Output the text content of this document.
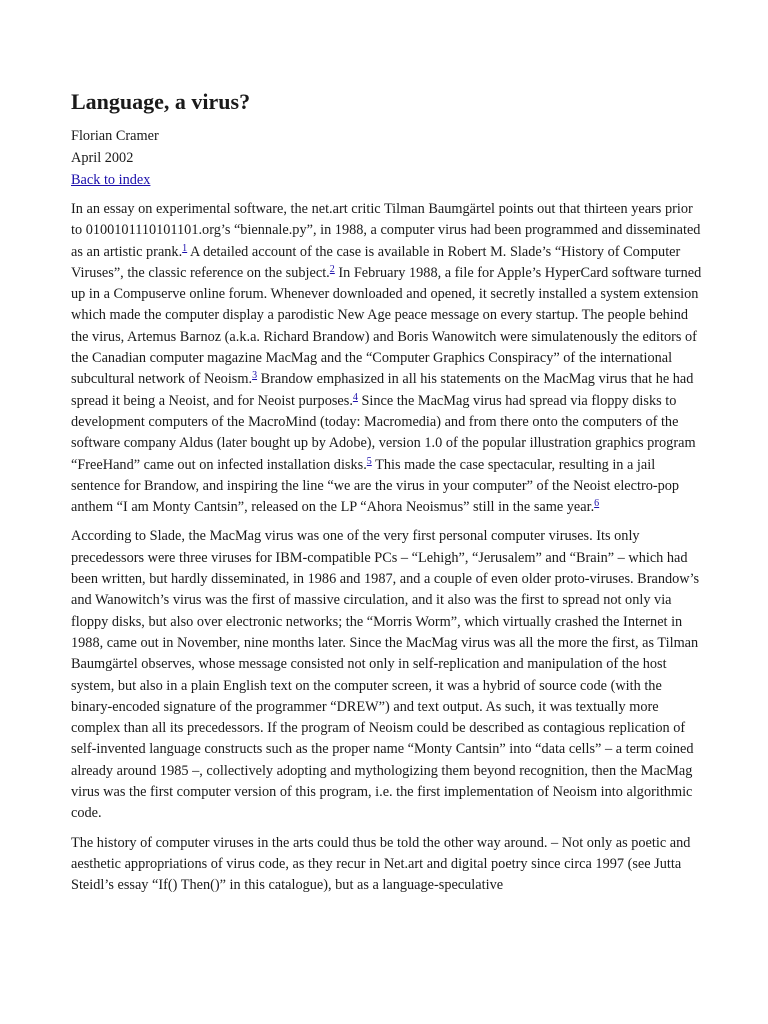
Language, a virus?
Florian Cramer
April 2002
Back to index

In an essay on experimental software, the net.art critic Tilman Baumgärtel points out that thirteen years prior to 0100101110101101.org’s “biennale.py”, in 1988, a computer virus had been programmed and disseminated as an artistic prank.$^1$ A detailed account of the case is available in Robert M. Slade’s “History of Computer Viruses”, the classic reference on the subject.$^2$ In February 1988, a file for Apple’s HyperCard software turned up in a Compuserve online forum. Whenever downloaded and opened, it secretly installed a system extension which made the computer display a parodistic New Age peace message on every startup. The people behind the virus, Artemus Barnoz (a.k.a. Richard Brandow) and Boris Wanowitch were simulatenously the editors of the Canadian computer magazine MacMag and the “Computer Graphics Conspiracy” of the international subcultural network of Neoism.$^3$ Brandow emphasized in all his statements on the MacMag virus that he had spread it being a Neoist, and for Neoist purposes.$^4$ Since the MacMag virus had spread via floppy disks to development computers of the MacroMind (today: Macromedia) and from there onto the computers of the software company Aldus (later bought up by Adobe), version 1.0 of the popular illustration graphics program “FreeHand” came out on infected installation disks.$^5$ This made the case spectacular, resulting in a jail sentence for Brandow, and inspiring the line “we are the virus in your computer” of the Neoist electro-pop anthem “I am Monty Cantsin”, released on the LP “Ahora Neoismus” still in the same year.$^6$

According to Slade, the MacMag virus was one of the very first personal computer viruses. Its only precedessors were three viruses for IBM-compatible PCs – “Lehigh”, “Jerusalem” and “Brain” – which had been written, but hardly disseminated, in 1986 and 1987, and a couple of even older proto-viruses. Brandow’s and Wanowitch’s virus was the first of massive circulation, and it also was the first to spread not only via floppy disks, but also over electronic networks; the “Morris Worm”, which virtually crashed the Internet in 1988, came out in November, nine months later. Since the MacMag virus was all the more the first, as Tilman Baumgärtel observes, whose message consisted not only in self-replication and manipulation of the host system, but also in a plain English text on the computer screen, it was a hybrid of source code (with the binary-encoded signature of the programmer “DREW”) and text output. As such, it was textually more complex than all its precedessors. If the program of Neoism could be described as contagious replication of self-invented language constructs such as the proper name “Monty Cantsin” into “data cells” – a term coined already around 1985 –, collectively adopting and mythologizing them beyond recognition, then the MacMag virus was the first computer version of this program, i.e. the first implementation of Neoism into algorithmic code.

The history of computer viruses in the arts could thus be told the other way around. – Not only as poetic and aesthetic appropriations of virus code, as they recur in Net.art and digital poetry since circa 1997 (see Jutta Steidl’s essay “If() Then()” in this catalogue), but as a language-speculative
